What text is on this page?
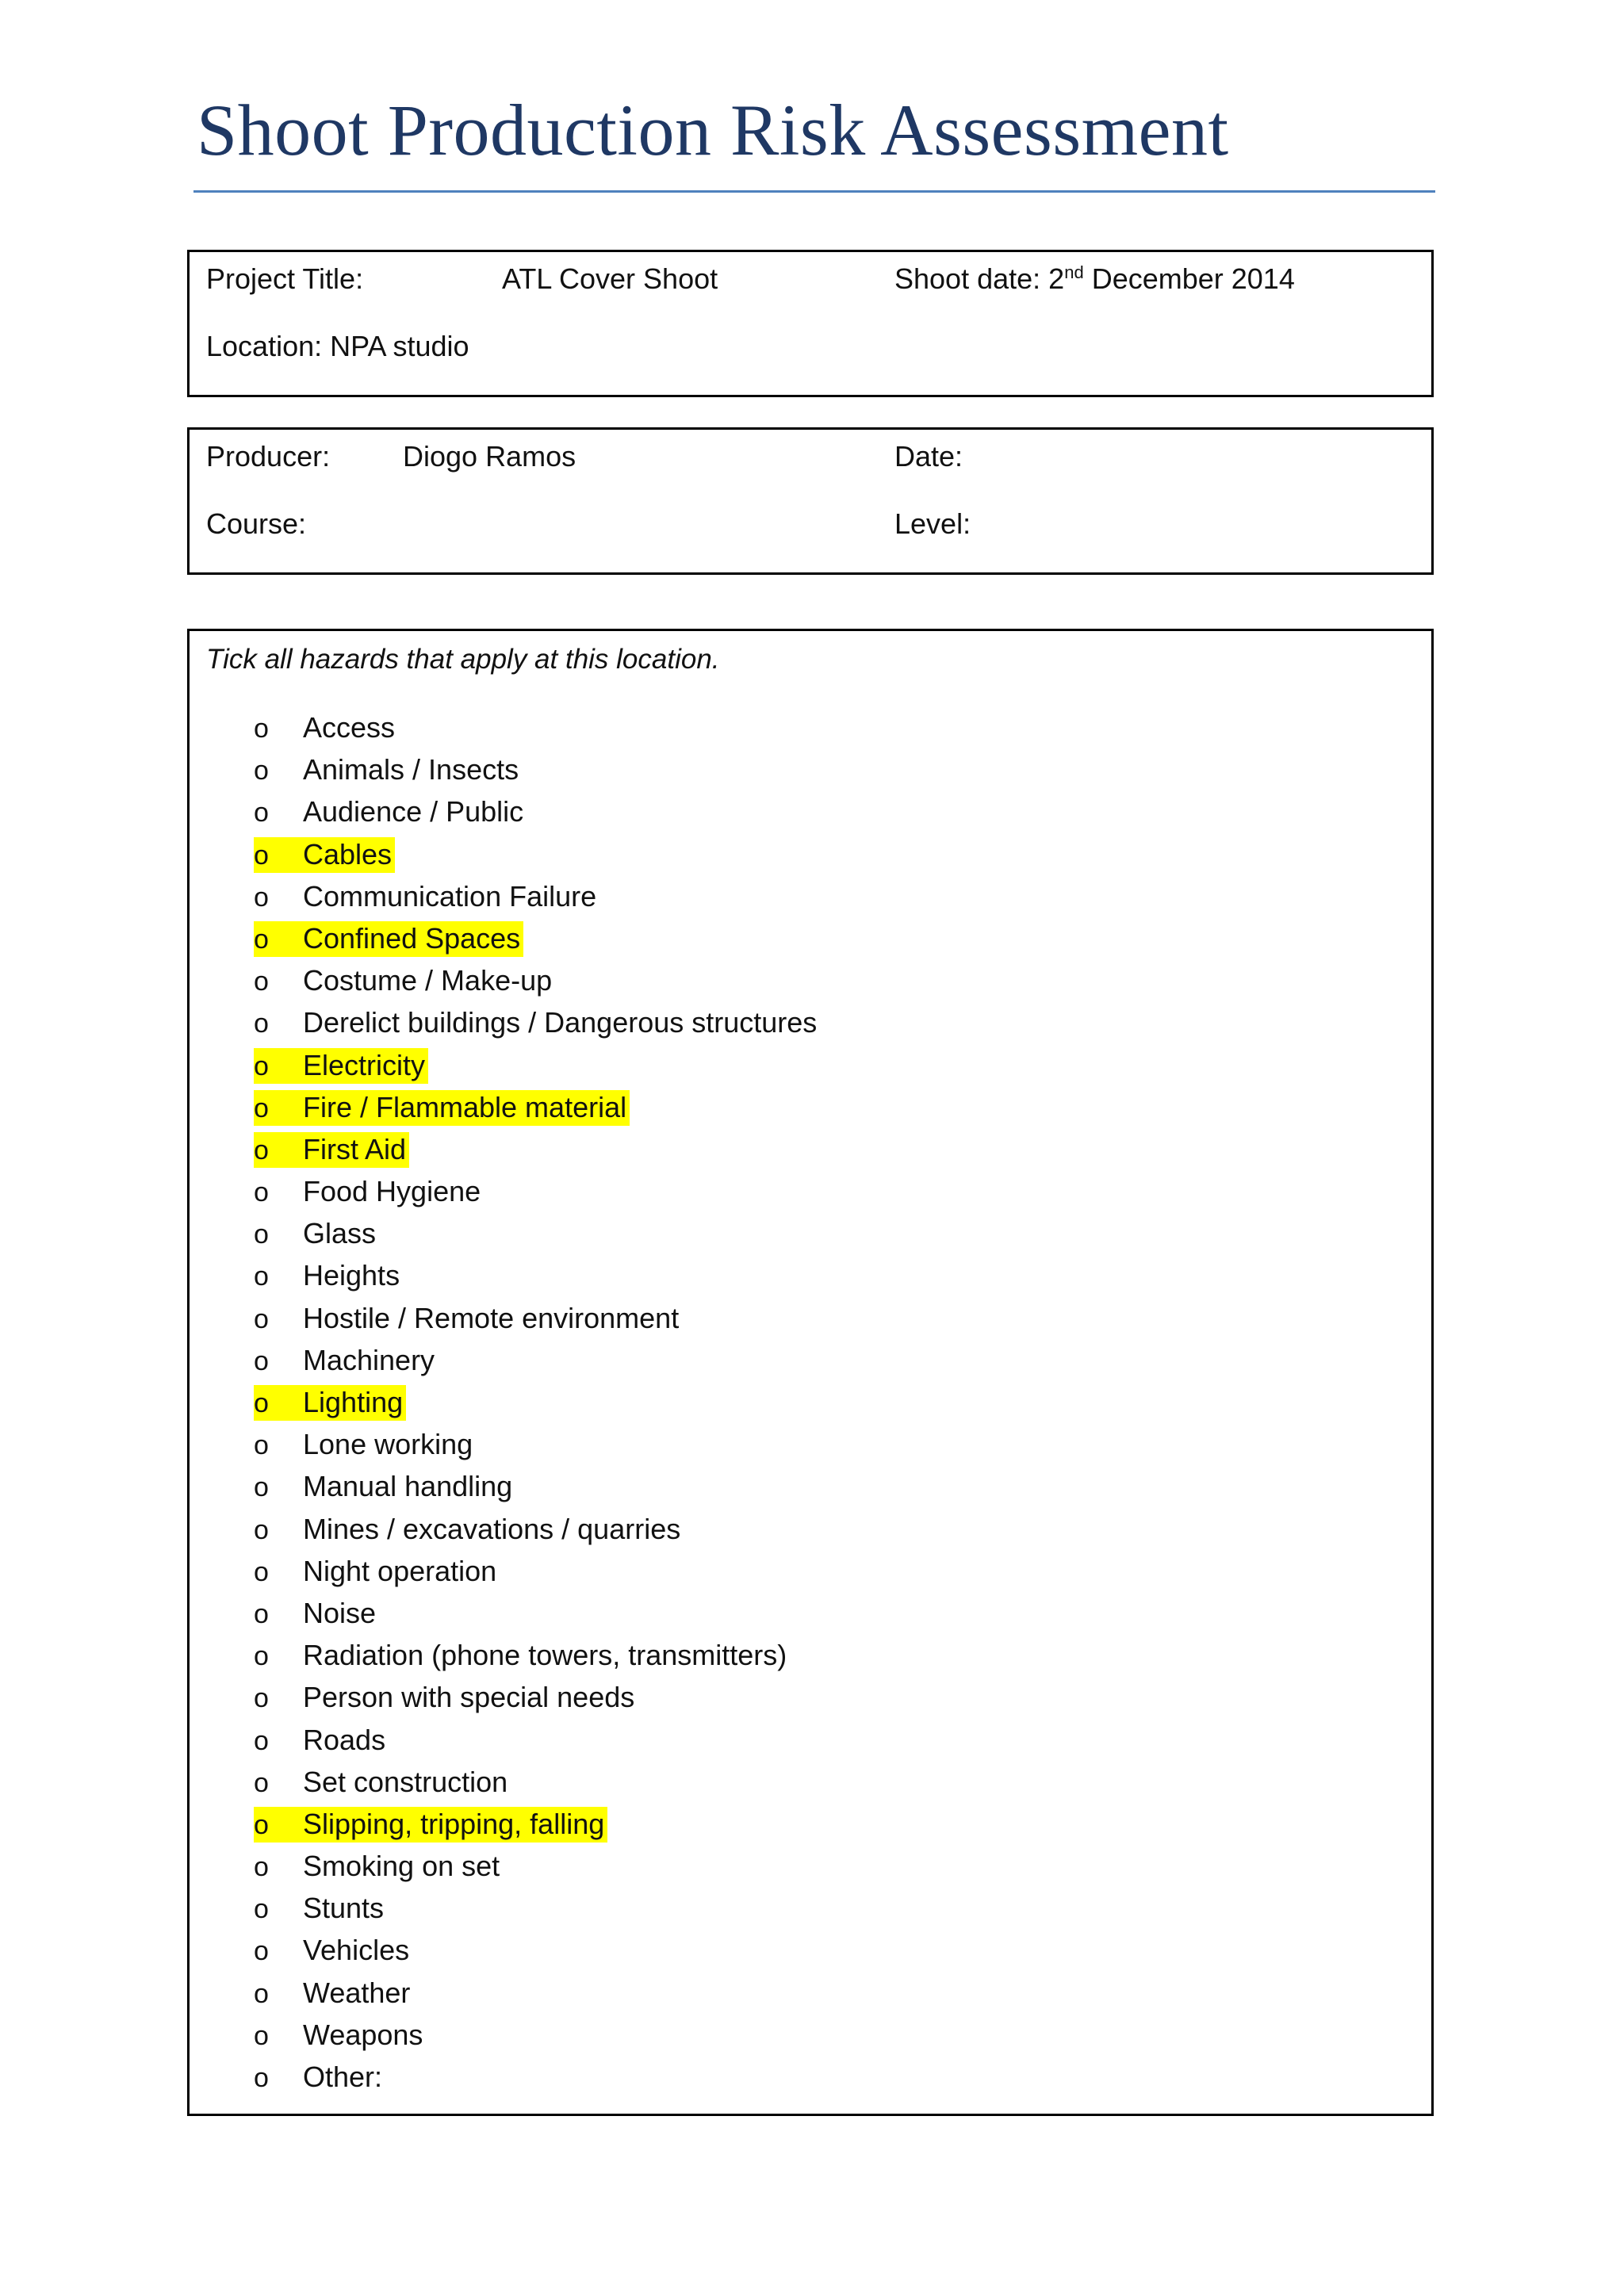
Shoot Production Risk Assessment
Project Title:	ATL Cover Shoot	Shoot date: 2nd December 2014
Location: NPA studio
Producer:	Diogo Ramos	Date:
Course:	Level:
Tick all hazards that apply at this location.
o Access
o Animals / Insects
o Audience / Public
o Cables
o Communication Failure
o Confined Spaces
o Costume / Make-up
o Derelict buildings / Dangerous structures
o Electricity
o Fire / Flammable material
o First Aid
o Food Hygiene
o Glass
o Heights
o Hostile / Remote environment
o Machinery
o Lighting
o Lone working
o Manual handling
o Mines / excavations / quarries
o Night operation
o Noise
o Radiation (phone towers, transmitters)
o Person with special needs
o Roads
o Set construction
o Slipping, tripping, falling
o Smoking on set
o Stunts
o Vehicles
o Weather
o Weapons
o Other:
